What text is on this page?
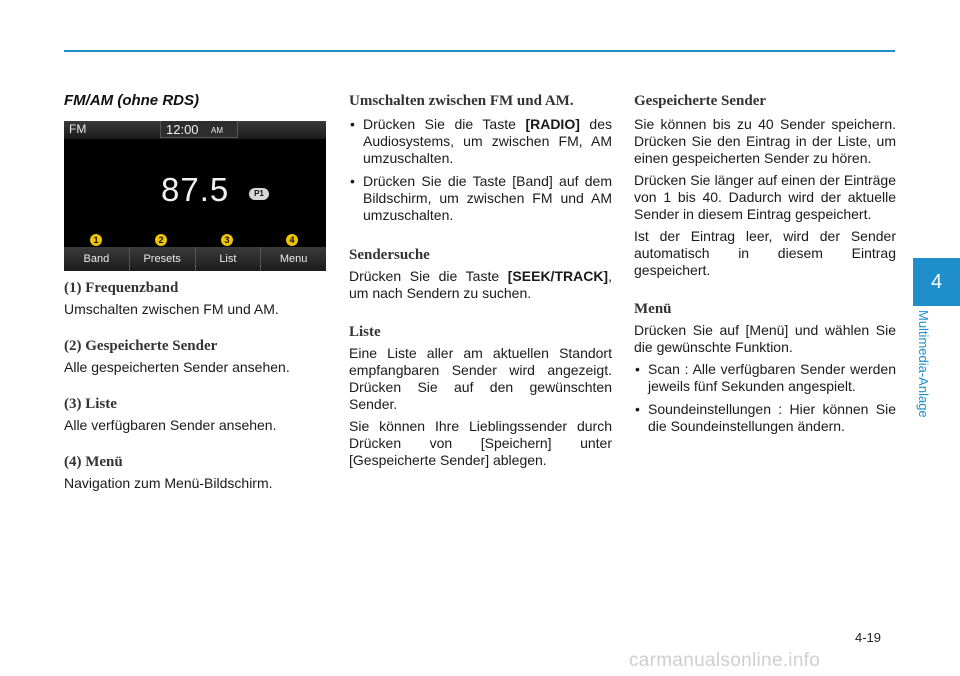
FM/AM (ohne RDS)
FM	12:00 AM
87.5	P1
1	2	3	4
Band	Presets	List	Menu
(1) Frequenzband

Umschalten zwischen FM und AM.

(2) Gespeicherte Sender

Alle gespeicherten Sender ansehen.

(3) Liste

Alle verfügbaren Sender ansehen.

(4) Menü

Navigation zum Menü-Bildschirm.

Umschalten zwischen FM und AM.
• Drücken Sie die Taste [RADIO] des Audiosystems, um zwischen FM, AM umzuschalten.
• Drücken Sie die Taste [Band] auf dem Bildschirm, um zwischen FM und AM umzuschalten.
Sendersuche

Drücken Sie die Taste [SEEK/TRACK], um nach Sendern zu suchen.

Liste

Eine Liste aller am aktuellen Standort empfangbaren Sender wird angezeigt. Drücken Sie auf den gewünschten Sender.

Sie können Ihre Lieblingssender durch Drücken von [Speichern] unter [Gespeicherte Sender] ablegen.

Gespeicherte Sender

Sie können bis zu 40 Sender speichern. Drücken Sie den Eintrag in der Liste, um einen gespeicherten Sender zu hören.

Drücken Sie länger auf einen der Einträge von 1 bis 40. Dadurch wird der aktuelle Sender in diesem Eintrag gespeichert.

Ist der Eintrag leer, wird der Sender automatisch in diesem Eintrag gespeichert.

Menü

Drücken Sie auf [Menü] und wählen Sie die gewünschte Funktion.

• Scan : Alle verfügbaren Sender werden jeweils fünf Sekunden angespielt.
• Soundeinstellungen : Hier können Sie die Soundeinstellungen ändern.
4
Multimedia-Anlage
4-19
carmanualsonline.info
